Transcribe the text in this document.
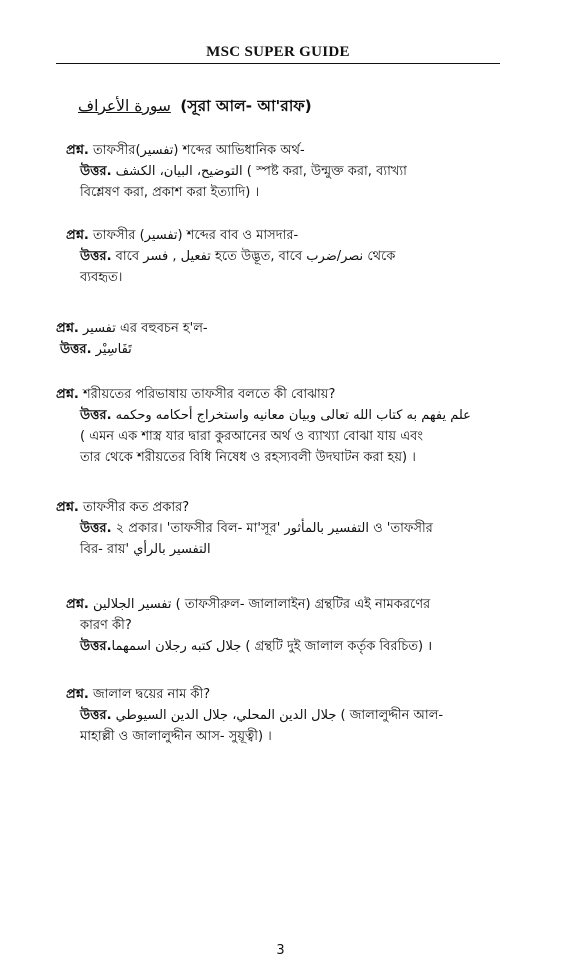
MSC SUPER GUIDE
سورة الأعراف (সূরা আল- আ'রাফ)
প্রশ্ন. তাফসীর(تفسير) শব্দের আভিধানিক অর্থ-
উত্তর. التوضيح، البيان، الكشف ( স্পষ্ট করা, উন্মুক্ত করা, ব্যাখ্যা
বিশ্লেষণ করা, প্রকাশ করা ইত্যাদি) ।
প্রশ্ন. তাফসীর (تفسير) শব্দের বাব ও মাসদার-
উত্তর. বাবে تفعيل , فسر হতে উদ্ভূত, বাবে نصر/ضرب থেকে
ব্যবহৃত।
প্রশ্ন. تفسير এর বহুবচন হ'ল-
উত্তর. تَفَاسِيْر
প্রশ্ন. শরীয়তের পরিভাষায় তাফসীর বলতে কী বোঝায়?
উত্তর. علم يفهم به كتاب الله تعالى وبيان معانيه واستخراج أحكامه وحكمه
( এমন এক শাস্ত্র যার দ্বারা কুরআনের অর্থ ও ব্যাখ্যা বোঝা যায় এবং
তার থেকে শরীয়তের বিধি নিষেধ ও রহস্যবলী উদঘাটন করা হয়) ।
প্রশ্ন. তাফসীর কত প্রকার?
উত্তর. ২ প্রকার। 'তাফসীর বিল- মা'সূর' التفسير بالمأثور ও 'তাফসীর
বির- রায়' التفسير بالرأي
প্রশ্ন. تفسير الجلالين ( তাফসীরুল- জালালাইন) গ্রন্থটির এই নামকরণের
কারণ কী?
উত্তর.جلال كتبه رجلان اسمهما ( গ্রন্থটি দুই জালাল কর্তৃক বিরচিত) ।
প্রশ্ন. জালাল দ্বয়ের নাম কী?
উত্তর. جلال الدين المحلي، جلال الدين السيوطي ( জালালুদ্দীন আল-
মাহাল্লী ও জালালুদ্দীন আস- সুয়ূত্বী) ।
3
